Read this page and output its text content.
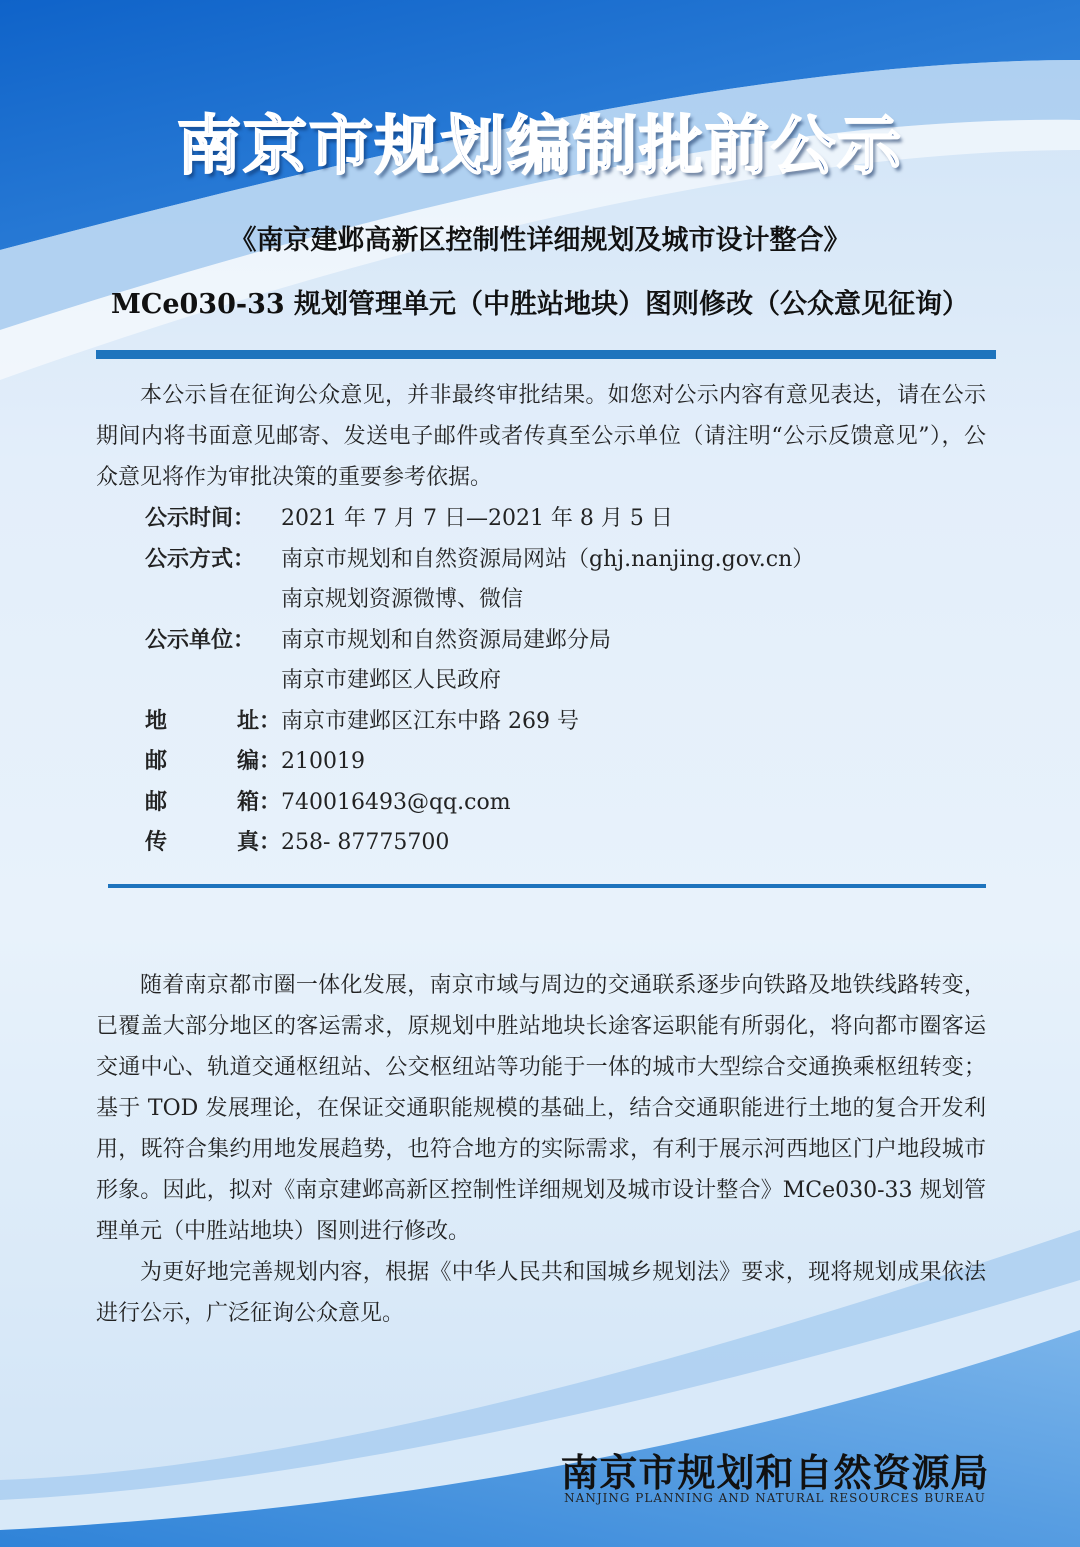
南京市规划编制批前公示
《南京建邺高新区控制性详细规划及城市设计整合》
MCe030-33 规划管理单元（中胜站地块）图则修改（公众意见征询）

本公示旨在征询公众意见，并非最终审批结果。如您对公示内容有意见表达，请在公示期间内将书面意见邮寄、发送电子邮件或者传真至公示单位（请注明“公示反馈意见”），公众意见将作为审批决策的重要参考依据。

公示时间：	2021 年 7 月 7 日—2021 年 8 月 5 日
公示方式：	南京市规划和自然资源局网站（ghj.nanjing.gov.cn）
南京规划资源微博、微信
公示单位：	南京市规划和自然资源局建邺分局
南京市建邺区人民政府
地	址： 南京市建邺区江东中路 269 号
邮	编： 210019
邮	箱： 740016493@qq.com
传	真： 258- 87775700

随着南京都市圈一体化发展，南京市域与周边的交通联系逐步向铁路及地铁线路转变，已覆盖大部分地区的客运需求，原规划中胜站地块长途客运职能有所弱化，将向都市圈客运交通中心、轨道交通枢纽站、公交枢纽站等功能于一体的城市大型综合交通换乘枢纽转变；基于 TOD 发展理论，在保证交通职能规模的基础上，结合交通职能进行土地的复合开发利用，既符合集约用地发展趋势，也符合地方的实际需求，有利于展示河西地区门户地段城市形象。因此，拟对《南京建邺高新区控制性详细规划及城市设计整合》MCe030-33 规划管理单元（中胜站地块）图则进行修改。

为更好地完善规划内容，根据《中华人民共和国城乡规划法》要求，现将规划成果依法进行公示，广泛征询公众意见。

南京市规划和自然资源局
NANJING PLANNING AND NATURAL RESOURCES BUREAU
